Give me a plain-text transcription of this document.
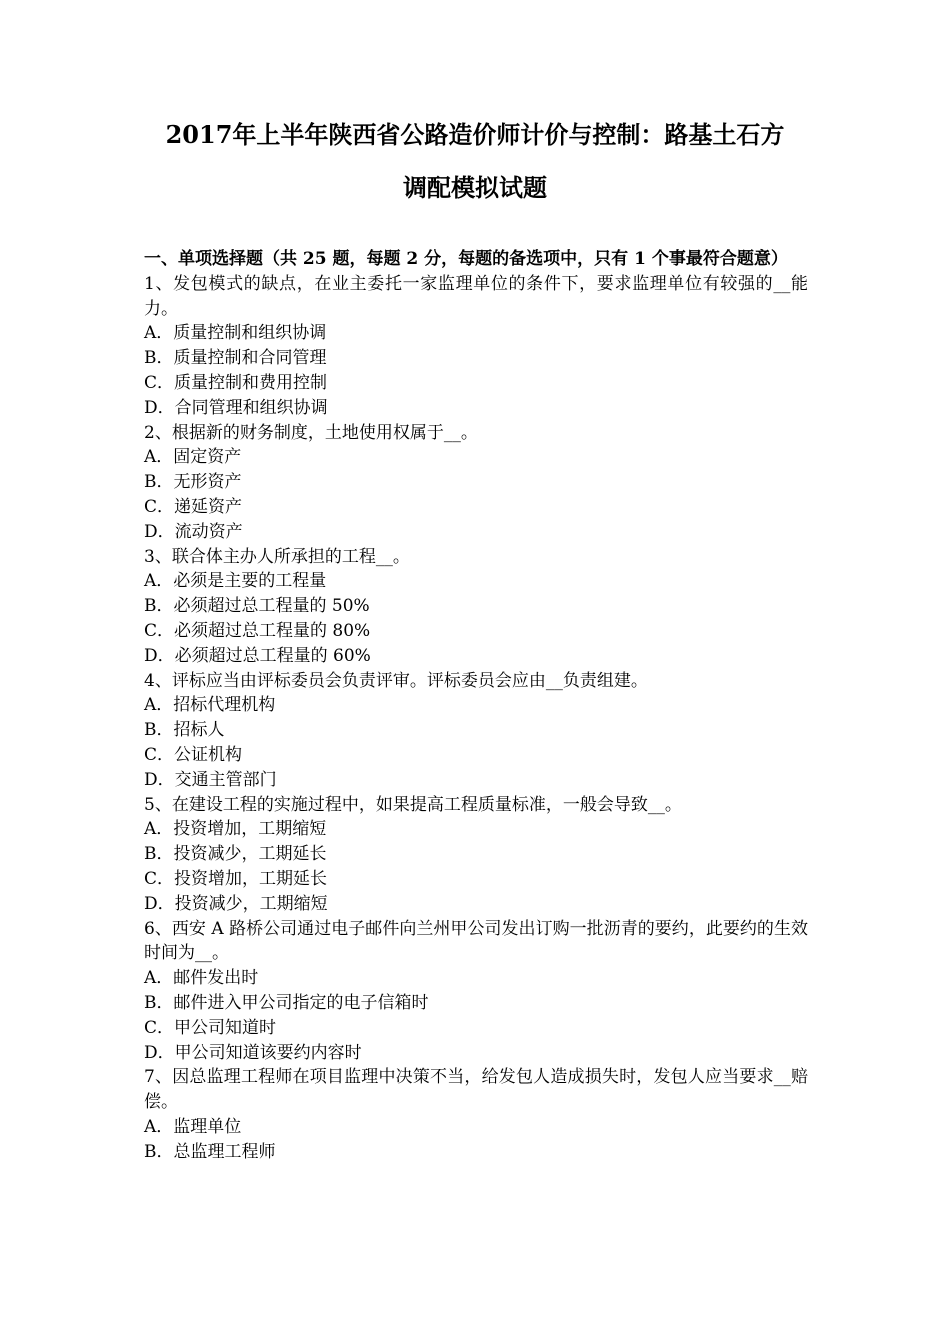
2017年上半年陕西省公路造价师计价与控制：路基土石方
调配模拟试题
一、单项选择题（共 25 题，每题 2 分，每题的备选项中，只有 1 个事最符合题意）
1、发包模式的缺点，在业主委托一家监理单位的条件下，要求监理单位有较强的__能力。
A．质量控制和组织协调
B．质量控制和合同管理
C．质量控制和费用控制
D．合同管理和组织协调
2、根据新的财务制度，土地使用权属于__。
A．固定资产
B．无形资产
C．递延资产
D．流动资产
3、联合体主办人所承担的工程__。
A．必须是主要的工程量
B．必须超过总工程量的 50%
C．必须超过总工程量的 80%
D．必须超过总工程量的 60%
4、评标应当由评标委员会负责评审。评标委员会应由__负责组建。
A．招标代理机构
B．招标人
C．公证机构
D．交通主管部门
5、在建设工程的实施过程中，如果提高工程质量标准，一般会导致__。
A．投资增加，工期缩短
B．投资减少，工期延长
C．投资增加，工期延长
D．投资减少，工期缩短
6、西安 A 路桥公司通过电子邮件向兰州甲公司发出订购一批沥青的要约，此要约的生效时间为__。
A．邮件发出时
B．邮件进入甲公司指定的电子信箱时
C．甲公司知道时
D．甲公司知道该要约内容时
7、因总监理工程师在项目监理中决策不当，给发包人造成损失时，发包人应当要求__赔偿。
A．监理单位
B．总监理工程师
